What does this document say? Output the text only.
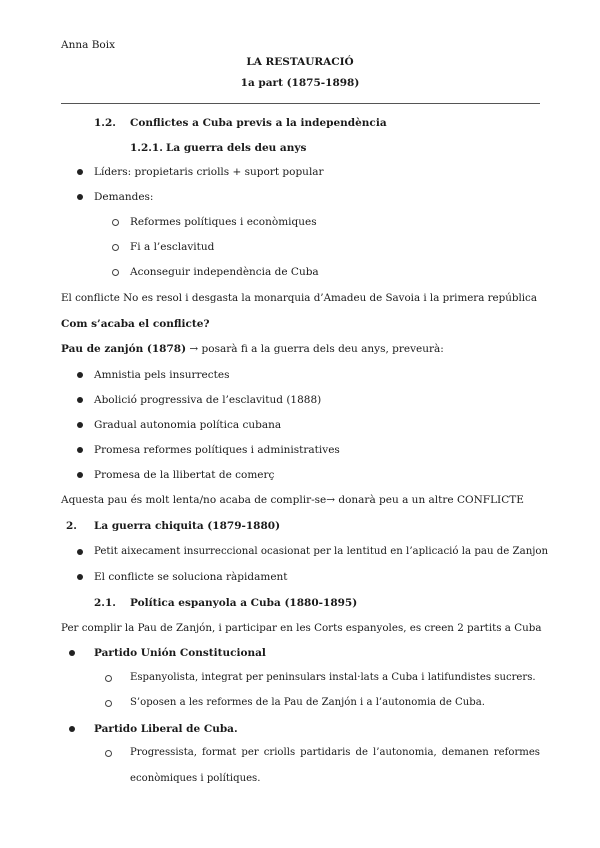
Anna Boix
LA RESTAURACIÓ
1a part (1875-1898)
1.2. Conflictes a Cuba previs a la independència
1.2.1. La guerra dels deu anys
Líders: propietaris criolls + suport popular
Demandes:
Reformes polítiques i econòmiques
Fi a l’esclavitud
Aconseguir independència de Cuba
El conflicte No es resol i desgasta la monarquia d’Amadeu de Savoia i la primera república
Com s’acaba el conflicte?
Pau de zanjón (1878) → posarà fi a la guerra dels deu anys, preveurà:
Amnistia pels insurrectes
Abolició progressiva de l’esclavitud (1888)
Gradual autonomia política cubana
Promesa reformes polítiques i administratives
Promesa de la llibertat de comerç
Aquesta pau és molt lenta/no acaba de complir-se→ donarà peu a un altre CONFLICTE
2. La guerra chiquita (1879-1880)
Petit aixecament insurreccional ocasionat per la lentitud en l’aplicació la pau de Zanjon
El conflicte se soluciona ràpidament
2.1. Política espanyola a Cuba (1880-1895)
Per complir la Pau de Zanjón, i participar en les Corts espanyoles, es creen 2 partits a Cuba
Partido Unión Constitucional
Espanyolista, integrat per peninsulars instal·lats a Cuba i latifundistes sucrers.
S’oposen a les reformes de la Pau de Zanjón i a l’autonomia de Cuba.
Partido Liberal de Cuba.
Progressista, format per criolls partidaris de l’autonomia, demanen reformes
econòmiques i polítiques.
